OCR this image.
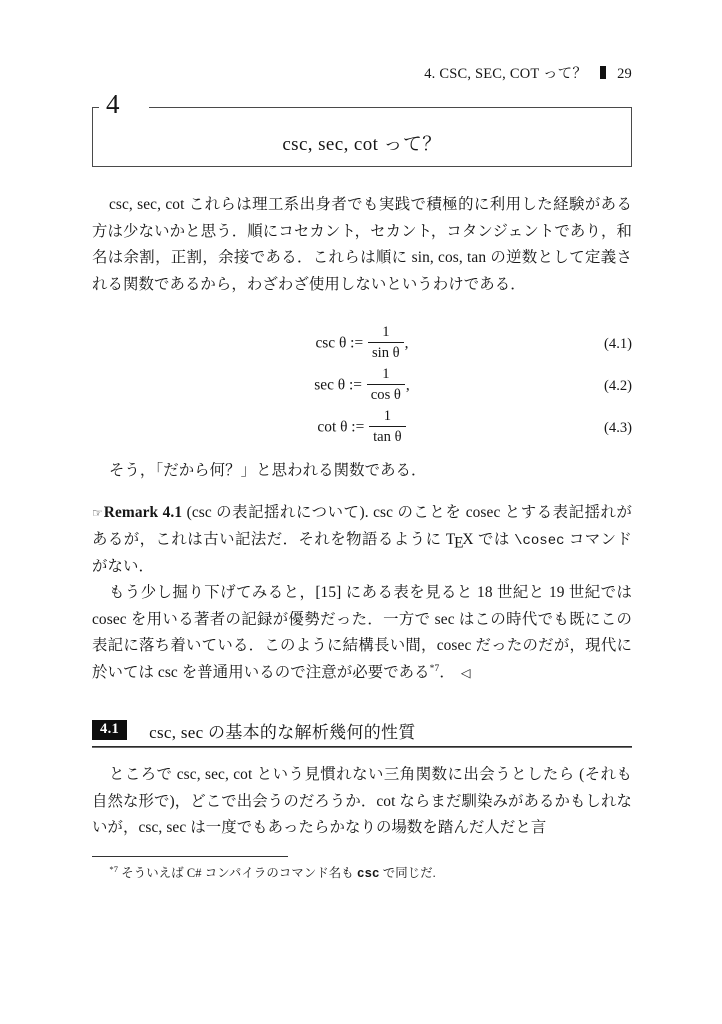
4. CSC, SEC, COT って？ 29
4
csc, sec, cot って？

csc, sec, cot これらは理工系出身者でも実践で積極的に利用した経験がある方は少ないかと思う．順にコセカント，セカント，コタンジェントであり，和名は余割，正割，余接である．これらは順に sin, cos, tan の逆数として定義される関数であるから，わざわざ使用しないというわけである．

csc θ := $\frac{1}{\text{sin θ}}$ ,	(4.1)
sec θ := $\frac{1}{\text{cos θ}}$ ,	(4.2)
cot θ := $\frac{1}{\text{tan θ}}$	(4.3)

そう，「だから何？」と思われる関数である．

☞Remark 4.1 (csc の表記揺れについて). csc のことを cosec とする表記揺れがあるが，これは古い記法だ．それを物語るように TEX では \cosec コマンドがない．

もう少し掘り下げてみると，[15] にある表を見ると 18 世紀と 19 世紀では cosec を用いる著者の記録が優勢だった．一方で sec はこの時代でも既にこの表記に落ち着いている．このように結構長い間，cosec だったのだが，現代に於いては csc を普通用いるので注意が必要である$^{*7}$． ◁

4.1	csc, sec の基本的な解析幾何的性質

ところで csc, sec, cot という見慣れない三角関数に出会うとしたら (それも自然な形で)，どこで出会うのだろうか．cot ならまだ馴染みがあるかもしれないが，csc, sec は一度でもあったらかなりの場数を踏んだ人だと言

$^{*7}$ そういえば C# コンパイラのコマンド名も csc で同じだ.
